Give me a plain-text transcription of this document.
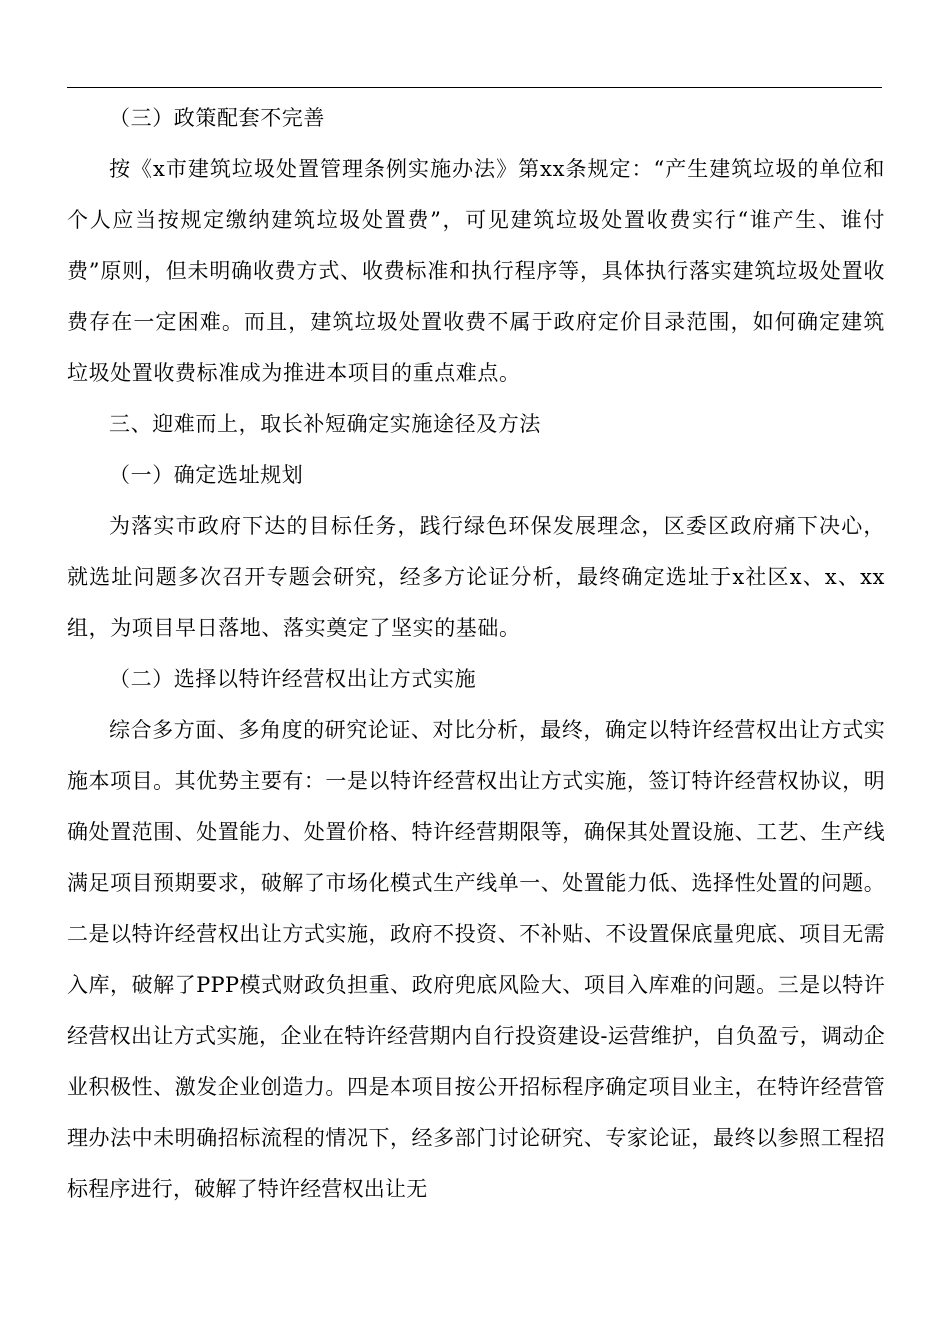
（三）政策配套不完善

按《x市建筑垃圾处置管理条例实施办法》第xx条规定：“产生建筑垃圾的单位和个人应当按规定缴纳建筑垃圾处置费”，可见建筑垃圾处置收费实行“谁产生、谁付费”原则，但未明确收费方式、收费标准和执行程序等，具体执行落实建筑垃圾处置收费存在一定困难。而且，建筑垃圾处置收费不属于政府定价目录范围，如何确定建筑垃圾处置收费标准成为推进本项目的重点难点。

三、迎难而上，取长补短确定实施途径及方法

（一）确定选址规划

为落实市政府下达的目标任务，践行绿色环保发展理念，区委区政府痛下决心，就选址问题多次召开专题会研究，经多方论证分析，最终确定选址于x社区x、x、xx组，为项目早日落地、落实奠定了坚实的基础。

（二）选择以特许经营权出让方式实施

综合多方面、多角度的研究论证、对比分析，最终，确定以特许经营权出让方式实施本项目。其优势主要有：一是以特许经营权出让方式实施，签订特许经营权协议，明确处置范围、处置能力、处置价格、特许经营期限等，确保其处置设施、工艺、生产线满足项目预期要求，破解了市场化模式生产线单一、处置能力低、选择性处置的问题。二是以特许经营权出让方式实施，政府不投资、不补贴、不设置保底量兜底、项目无需入库，破解了PPP模式财政负担重、政府兜底风险大、项目入库难的问题。三是以特许经营权出让方式实施，企业在特许经营期内自行投资建设-运营维护，自负盈亏，调动企业积极性、激发企业创造力。四是本项目按公开招标程序确定项目业主，在特许经营管理办法中未明确招标流程的情况下，经多部门讨论研究、专家论证，最终以参照工程招标程序进行，破解了特许经营权出让无
